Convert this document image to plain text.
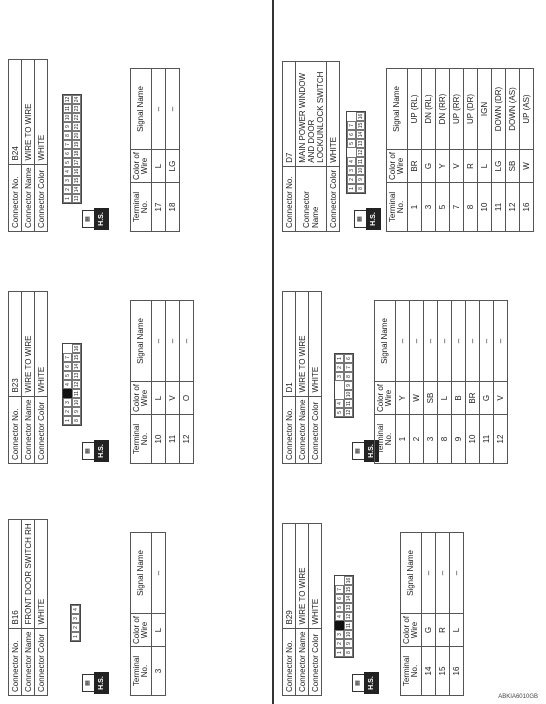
Connector No.	B16
Connector Name	FRONT DOOR SWITCH RH
Connector Color	WHITE
▦	H.S.
1
2
3
4
Terminal No.	Color of Wire	Signal Name
3	L	–
Connector No.	B23
Connector Name	WIRE TO WIRE
Connector Color	WHITE
▦	H.S.
1
2
3
4
5
6
7
8
9
10
11
12
13
14
15
16
Terminal No.	Color of Wire	Signal Name
10	L	–
11	V	–
12	O	–
Connector No.	B24
Connector Name	WIRE TO WIRE
Connector Color	WHITE
▦	H.S.
1
2
3
4
5
6
7
8
9
10
11
12
13
14
15
16
17
18
19
20
21
22
23
24
Terminal No.	Color of Wire	Signal Name
17	L	–
18	LG	–
Connector No.	B29
Connector Name	WIRE TO WIRE
Connector Color	WHITE
▦	H.S.
1
2
3
4
5
6
7
8
9
10
11
12
13
14
15
16
Terminal No.	Color of Wire	Signal Name
14	G	–
15	R	–
16	L	–
Connector No.	D1
Connector Name	WIRE TO WIRE
Connector Color	WHITE
▦	H.S.
5
4
3
2
1
12
11
10
9
8
7
6
Terminal No.	Color of Wire	Signal Name
1	Y	–
2	W	–
3	SB	–
8	L	–
9	B	–
10	BR	–
11	G	–
12	V	–
Connector No.	D7
Connector Name	MAIN POWER WINDOW AND DOOR LOCK/UNLOCK SWITCH
Connector Color	WHITE
▦	H.S.
1
2
3
4
5
6
7
8
9
10
11
12
13
14
15
16
Terminal No.	Color of Wire	Signal Name
1	BR	UP (RL)
3	G	DN (RL)
5	Y	DN (RR)
7	V	UP (RR)
8	R	UP (DR)
10	L	IGN
11	LG	DOWN (DR)
12	SB	DOWN (AS)
16	W	UP (AS)
ABKIA6010GB
